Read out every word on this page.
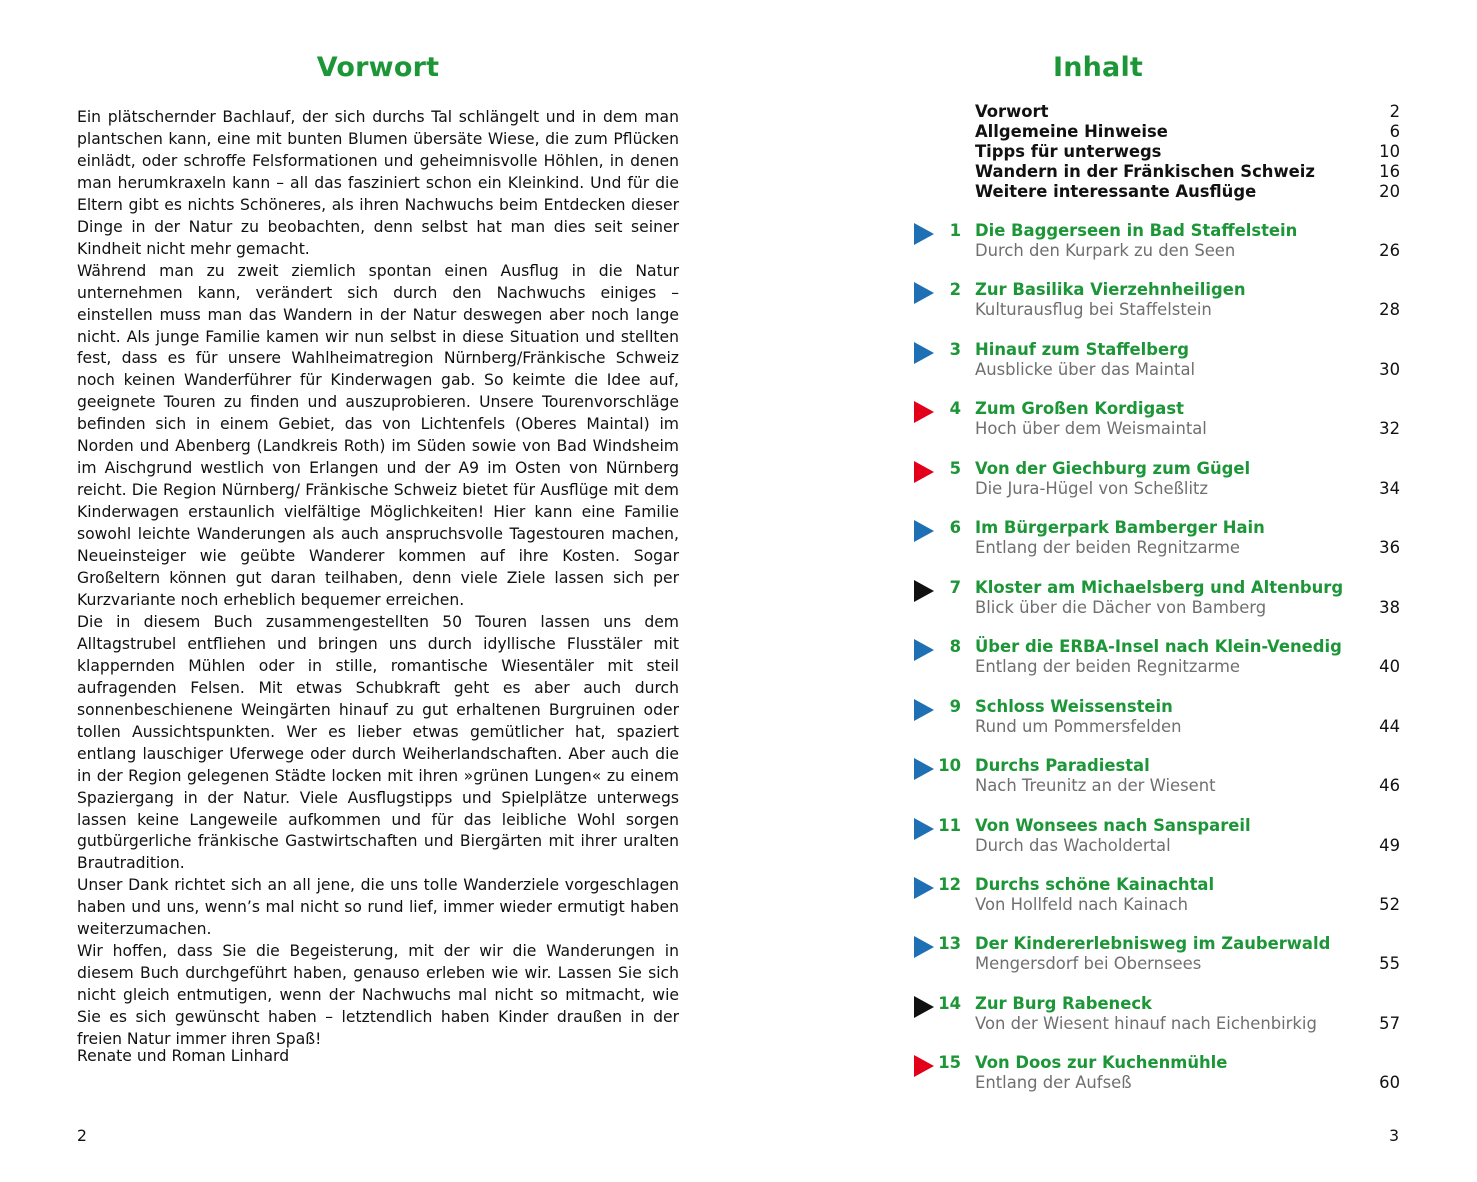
Vorwort

Ein plätschernder Bachlauf, der sich durchs Tal schlängelt und in dem man plantschen kann, eine mit bunten Blumen übersäte Wiese, die zum Pflücken einlädt, oder schroffe Felsformationen und geheimnisvolle Höhlen, in denen man herumkraxeln kann – all das fasziniert schon ein Kleinkind. Und für die Eltern gibt es nichts Schöneres, als ihren Nachwuchs beim Entdecken dieser Dinge in der Natur zu beobachten, denn selbst hat man dies seit seiner Kindheit nicht mehr gemacht.

Während man zu zweit ziemlich spontan einen Ausflug in die Natur unternehmen kann, verändert sich durch den Nachwuchs einiges – einstellen muss man das Wandern in der Natur deswegen aber noch lange nicht. Als junge Familie kamen wir nun selbst in diese Situation und stellten fest, dass es für unsere Wahlheimatregion Nürnberg/Fränkische Schweiz noch keinen Wanderführer für Kinderwagen gab. So keimte die Idee auf, geeignete Touren zu finden und auszuprobieren. Unsere Tourenvorschläge befinden sich in einem Gebiet, das von Lichtenfels (Oberes Maintal) im Norden und Abenberg (Landkreis Roth) im Süden sowie von Bad Windsheim im Aischgrund westlich von Erlangen und der A9 im Osten von Nürnberg reicht. Die Region Nürnberg/ Fränkische Schweiz bietet für Ausflüge mit dem Kinderwagen erstaunlich vielfältige Möglichkeiten! Hier kann eine Familie sowohl leichte Wanderungen als auch anspruchsvolle Tagestouren machen, Neueinsteiger wie geübte Wanderer kommen auf ihre Kosten. Sogar Großeltern können gut daran teilhaben, denn viele Ziele lassen sich per Kurzvariante noch erheblich bequemer erreichen.

Die in diesem Buch zusammengestellten 50 Touren lassen uns dem Alltagstrubel entfliehen und bringen uns durch idyllische Flusstäler mit klappernden Mühlen oder in stille, romantische Wiesentäler mit steil aufragenden Felsen. Mit etwas Schubkraft geht es aber auch durch sonnenbeschienene Weingärten hinauf zu gut erhaltenen Burgruinen oder tollen Aussichtspunkten. Wer es lieber etwas gemütlicher hat, spaziert entlang lauschiger Uferwege oder durch Weiherlandschaften. Aber auch die in der Region gelegenen Städte locken mit ihren »grünen Lungen« zu einem Spaziergang in der Natur. Viele Ausflugstipps und Spielplätze unterwegs lassen keine Langeweile aufkommen und für das leibliche Wohl sorgen gutbürgerliche fränkische Gastwirtschaften und Biergärten mit ihrer uralten Brautradition.

Unser Dank richtet sich an all jene, die uns tolle Wanderziele vorgeschlagen haben und uns, wenn’s mal nicht so rund lief, immer wieder ermutigt haben weiterzumachen.

Wir hoffen, dass Sie die Begeisterung, mit der wir die Wanderungen in diesem Buch durchgeführt haben, genauso erleben wie wir. Lassen Sie sich nicht gleich entmutigen, wenn der Nachwuchs mal nicht so mitmacht, wie Sie es sich gewünscht haben – letztendlich haben Kinder draußen in der freien Natur immer ihren Spaß!

Renate und Roman Linhard

2

Inhalt
Vorwort	2
Allgemeine Hinweise	6
Tipps für unterwegs	10
Wandern in der Fränkischen Schweiz	16
Weitere interessante Ausflüge	20
1 Die Baggerseen in Bad Staffelstein
Durch den Kurpark zu den Seen	26
2 Zur Basilika Vierzehnheiligen
Kulturausflug bei Staffelstein	28
3 Hinauf zum Staffelberg
Ausblicke über das Maintal	30
4 Zum Großen Kordigast
Hoch über dem Weismaintal	32
5 Von der Giechburg zum Gügel
Die Jura-Hügel von Scheßlitz	34
6 Im Bürgerpark Bamberger Hain
Entlang der beiden Regnitzarme	36
7 Kloster am Michaelsberg und Altenburg
Blick über die Dächer von Bamberg	38
8 Über die ERBA-Insel nach Klein-Venedig
Entlang der beiden Regnitzarme	40
9 Schloss Weissenstein
Rund um Pommersfelden	44
10 Durchs Paradiestal
Nach Treunitz an der Wiesent	46
11 Von Wonsees nach Sanspareil
Durch das Wacholdertal	49
12 Durchs schöne Kainachtal
Von Hollfeld nach Kainach	52
13 Der Kindererlebnisweg im Zauberwald
Mengersdorf bei Obernsees	55
14 Zur Burg Rabeneck
Von der Wiesent hinauf nach Eichenbirkig	57
15 Von Doos zur Kuchenmühle
Entlang der Aufseß	60

3
